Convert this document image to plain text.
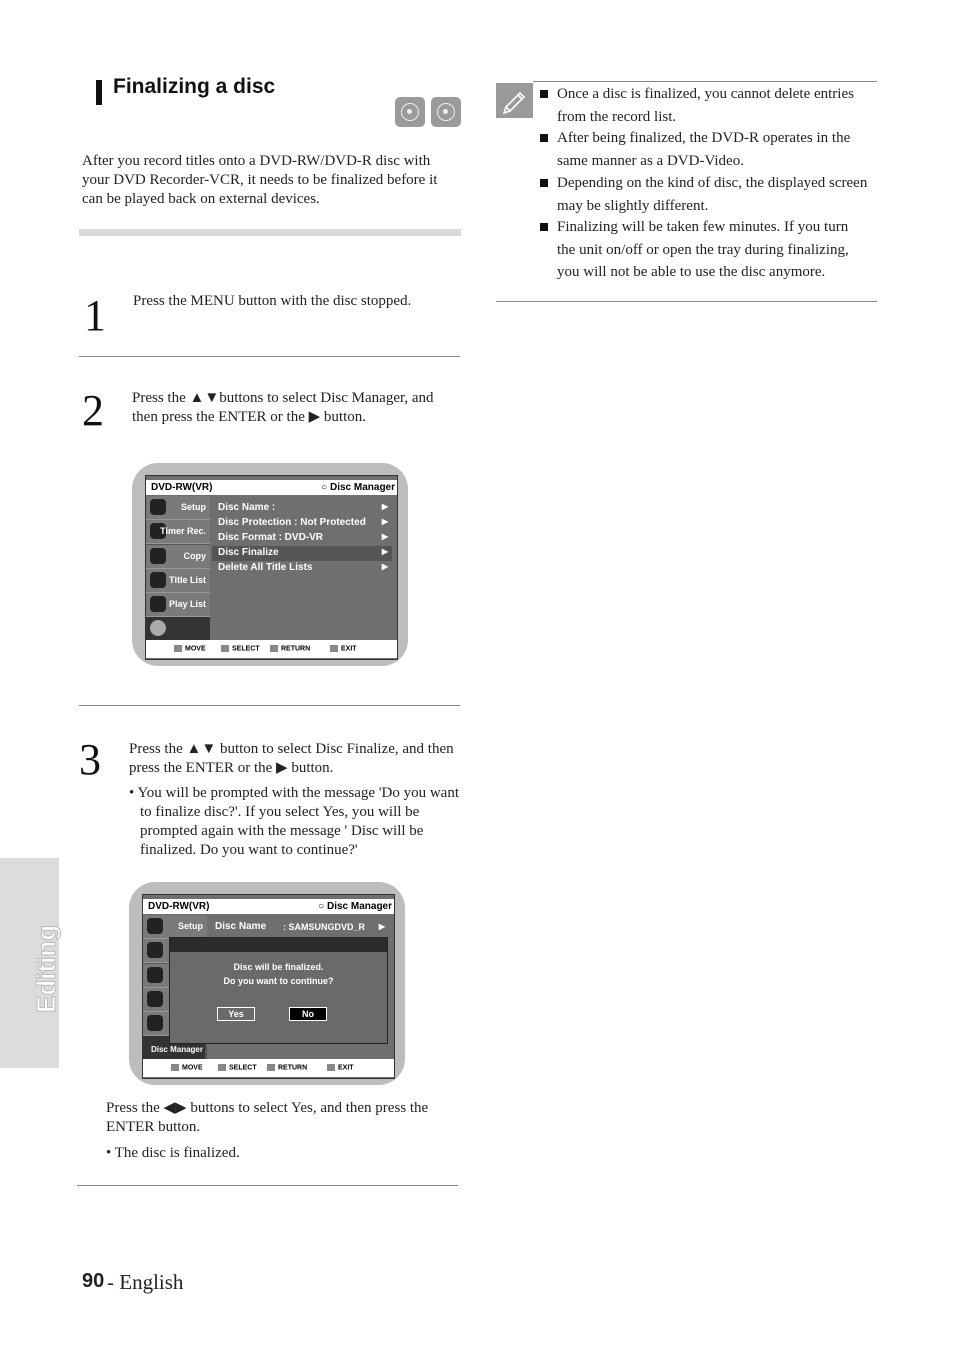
Finalizing a disc
After you record titles onto a DVD-RW/DVD-R disc with your DVD Recorder-VCR, it needs to be finalized before it can be played back on external devices.
1 Press the MENU button with the disc stopped.
2 Press the ▲▼buttons to select Disc Manager, and then press the ENTER or the ▶ button.
DVD-RW(VR)	○ Disc Manager
Setup
Timer Rec.
Copy
Title List
Play List
Disc Name :	▶
Disc Protection : Not Protected ▶
Disc Format : DVD-VR	▶
Disc Finalize	▶
Delete All Title Lists	▶
MOVE	SELECT	RETURN	EXIT
3 Press the ▲▼ button to select Disc Finalize, and then press the ENTER or the ▶ button.
• You will be prompted with the message 'Do you want to finalize disc?'. If you select Yes, you will be prompted again with the message ' Disc will be finalized. Do you want to continue?'
DVD-RW(VR)	○ Disc Manager
Setup
Disc Manager
Disc Name : SAMSUNGDVD_R ▶
Disc will be finalized.
Do you want to continue?
Yes	No
MOVE	SELECT	RETURN	EXIT
Press the ◀▶ buttons to select Yes, and then press the ENTER button.
• The disc is finalized.
Once a disc is finalized, you cannot delete entries from the record list.
After being finalized, the DVD-R operates in the same manner as a DVD-Video.
Depending on the kind of disc, the displayed screen may be slightly different.
Finalizing will be taken few minutes. If you turn the unit on/off or open the tray during finalizing, you will not be able to use the disc anymore.
Editing
90 - English
